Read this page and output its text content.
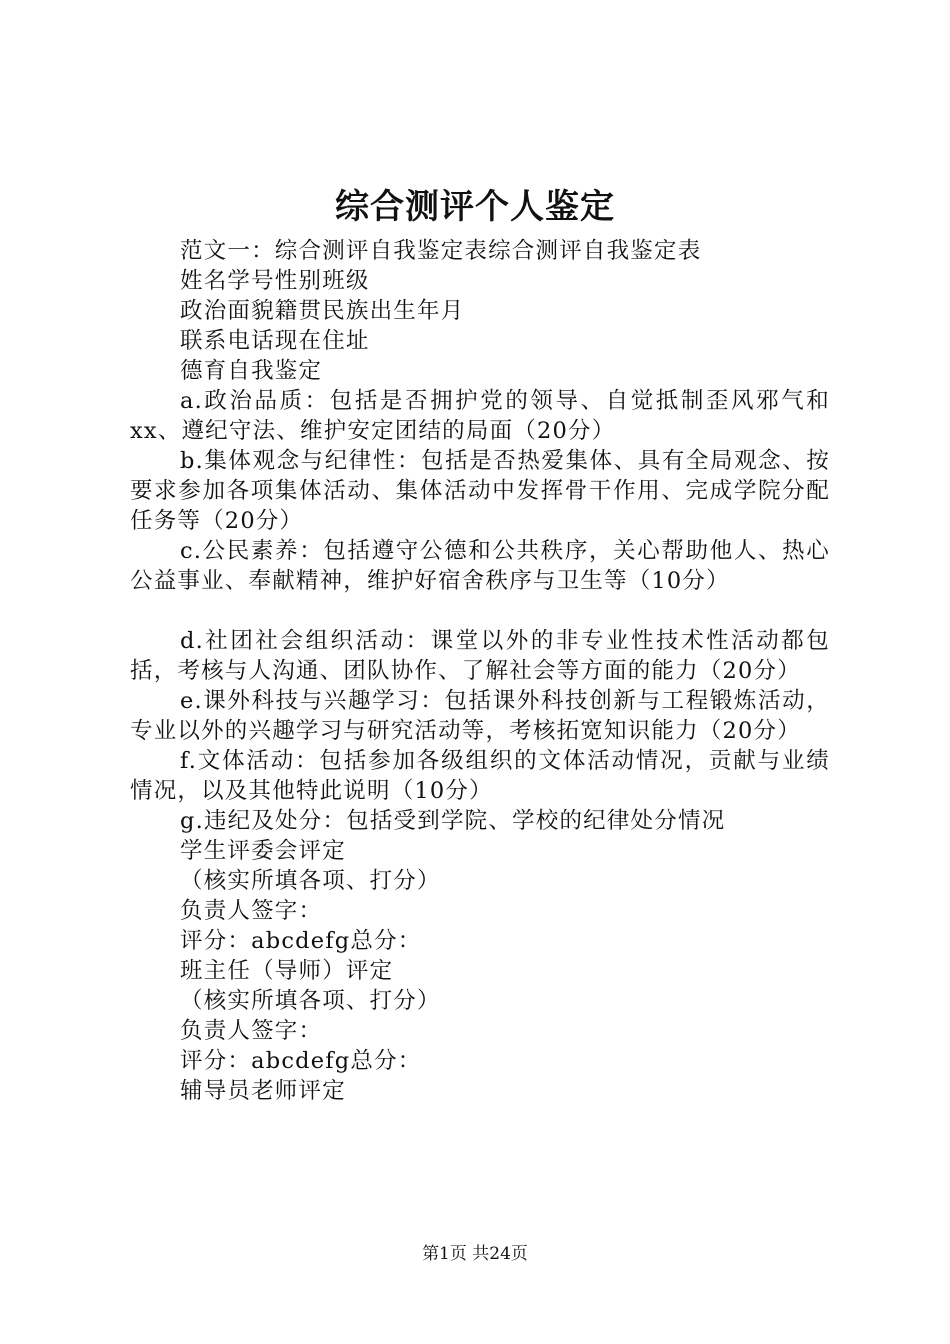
综合测评个人鉴定

范文一：综合测评自我鉴定表综合测评自我鉴定表

姓名学号性别班级

政治面貌籍贯民族出生年月

联系电话现在住址

德育自我鉴定

a.政治品质：包括是否拥护党的领导、自觉抵制歪风邪气和xx、遵纪守法、维护安定团结的局面（20分）

b.集体观念与纪律性：包括是否热爱集体、具有全局观念、按要求参加各项集体活动、集体活动中发挥骨干作用、完成学院分配任务等（20分）

c.公民素养：包括遵守公德和公共秩序，关心帮助他人、热心公益事业、奉献精神，维护好宿舍秩序与卫生等（10分）

d.社团社会组织活动：课堂以外的非专业性技术性活动都包括，考核与人沟通、团队协作、了解社会等方面的能力（20分）

e.课外科技与兴趣学习：包括课外科技创新与工程锻炼活动，专业以外的兴趣学习与研究活动等，考核拓宽知识能力（20分）

f.文体活动：包括参加各级组织的文体活动情况，贡献与业绩情况，以及其他特此说明（10分）

g.违纪及处分：包括受到学院、学校的纪律处分情况

学生评委会评定

（核实所填各项、打分）

负责人签字：

评分：abcdefg总分：

班主任（导师）评定

（核实所填各项、打分）

负责人签字：

评分：abcdefg总分：

辅导员老师评定

第1页 共24页
